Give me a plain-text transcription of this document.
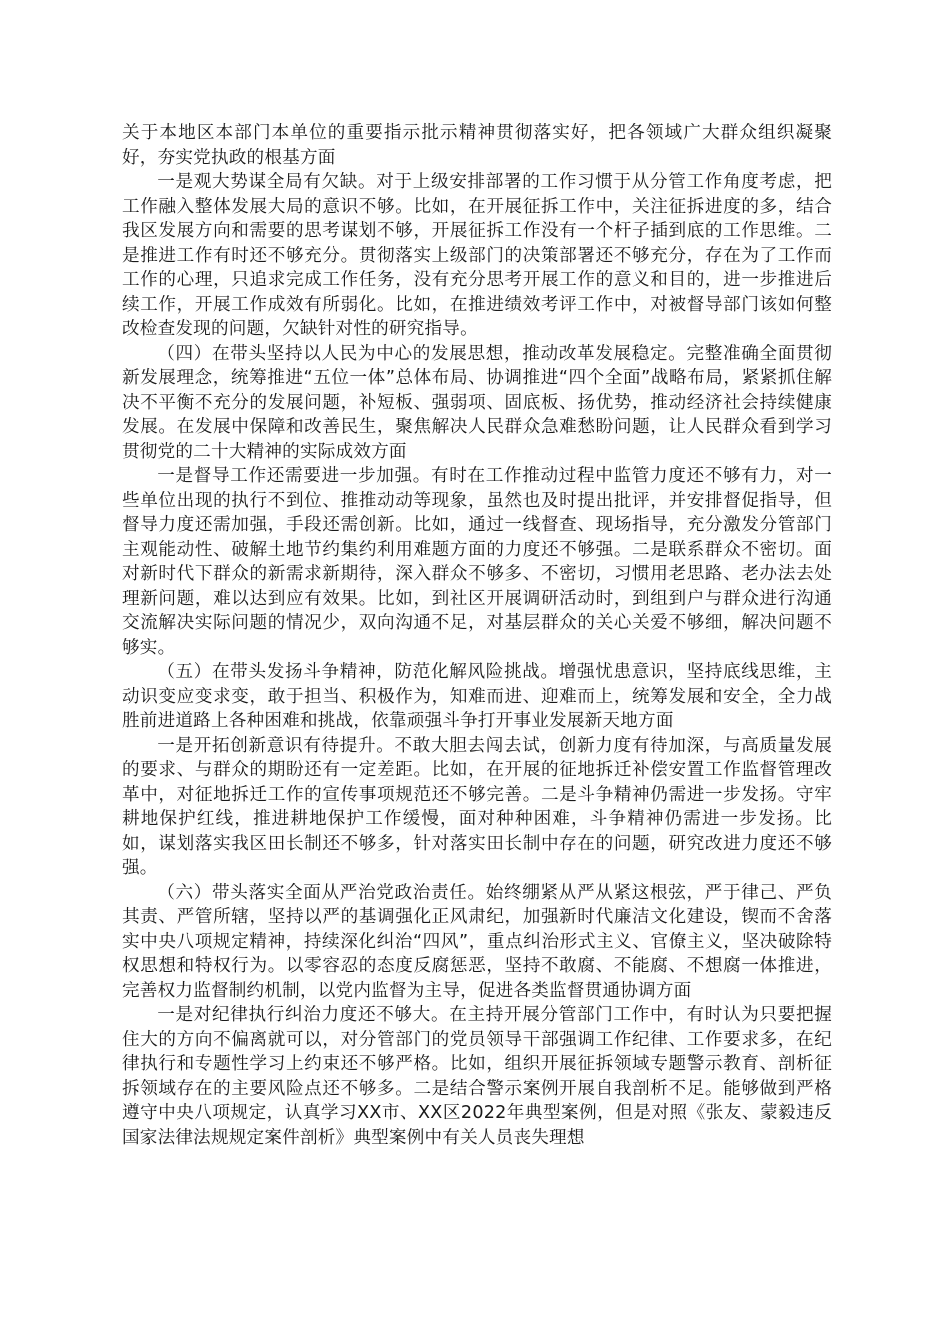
关于本地区本部门本单位的重要指示批示精神贯彻落实好，把各领域广大群众组织凝聚好，夯实党执政的根基方面

一是观大势谋全局有欠缺。对于上级安排部署的工作习惯于从分管工作角度考虑，把工作融入整体发展大局的意识不够。比如，在开展征拆工作中，关注征拆进度的多，结合我区发展方向和需要的思考谋划不够，开展征拆工作没有一个杆子插到底的工作思维。二是推进工作有时还不够充分。贯彻落实上级部门的决策部署还不够充分，存在为了工作而工作的心理，只追求完成工作任务，没有充分思考开展工作的意义和目的，进一步推进后续工作，开展工作成效有所弱化。比如，在推进绩效考评工作中，对被督导部门该如何整改检查发现的问题，欠缺针对性的研究指导。

（四）在带头坚持以人民为中心的发展思想，推动改革发展稳定。完整准确全面贯彻新发展理念，统筹推进“五位一体”总体布局、协调推进“四个全面”战略布局，紧紧抓住解决不平衡不充分的发展问题，补短板、强弱项、固底板、扬优势，推动经济社会持续健康发展。在发展中保障和改善民生，聚焦解决人民群众急难愁盼问题，让人民群众看到学习贯彻党的二十大精神的实际成效方面

一是督导工作还需要进一步加强。有时在工作推动过程中监管力度还不够有力，对一些单位出现的执行不到位、推推动动等现象，虽然也及时提出批评，并安排督促指导，但督导力度还需加强，手段还需创新。比如，通过一线督查、现场指导，充分激发分管部门主观能动性、破解土地节约集约利用难题方面的力度还不够强。二是联系群众不密切。面对新时代下群众的新需求新期待，深入群众不够多、不密切，习惯用老思路、老办法去处理新问题，难以达到应有效果。比如，到社区开展调研活动时，到组到户与群众进行沟通交流解决实际问题的情况少，双向沟通不足，对基层群众的关心关爱不够细，解决问题不够实。

（五）在带头发扬斗争精神，防范化解风险挑战。增强忧患意识，坚持底线思维，主动识变应变求变，敢于担当、积极作为，知难而进、迎难而上，统筹发展和安全，全力战胜前进道路上各种困难和挑战，依靠顽强斗争打开事业发展新天地方面

一是开拓创新意识有待提升。不敢大胆去闯去试，创新力度有待加深，与高质量发展的要求、与群众的期盼还有一定差距。比如，在开展的征地拆迁补偿安置工作监督管理改革中，对征地拆迁工作的宣传事项规范还不够完善。二是斗争精神仍需进一步发扬。守牢耕地保护红线，推进耕地保护工作缓慢，面对种种困难，斗争精神仍需进一步发扬。比如，谋划落实我区田长制还不够多，针对落实田长制中存在的问题，研究改进力度还不够强。

（六）带头落实全面从严治党政治责任。始终绷紧从严从紧这根弦，严于律己、严负其责、严管所辖，坚持以严的基调强化正风肃纪，加强新时代廉洁文化建设，锲而不舍落实中央八项规定精神，持续深化纠治“四风”，重点纠治形式主义、官僚主义，坚决破除特权思想和特权行为。以零容忍的态度反腐惩恶，坚持不敢腐、不能腐、不想腐一体推进，完善权力监督制约机制，以党内监督为主导，促进各类监督贯通协调方面

一是对纪律执行纠治力度还不够大。在主持开展分管部门工作中，有时认为只要把握住大的方向不偏离就可以，对分管部门的党员领导干部强调工作纪律、工作要求多，在纪律执行和专题性学习上约束还不够严格。比如，组织开展征拆领域专题警示教育、剖析征拆领域存在的主要风险点还不够多。二是结合警示案例开展自我剖析不足。能够做到严格遵守中央八项规定，认真学习XX市、XX区2022年典型案例，但是对照《张友、蒙毅违反国家法律法规规定案件剖析》典型案例中有关人员丧失理想
